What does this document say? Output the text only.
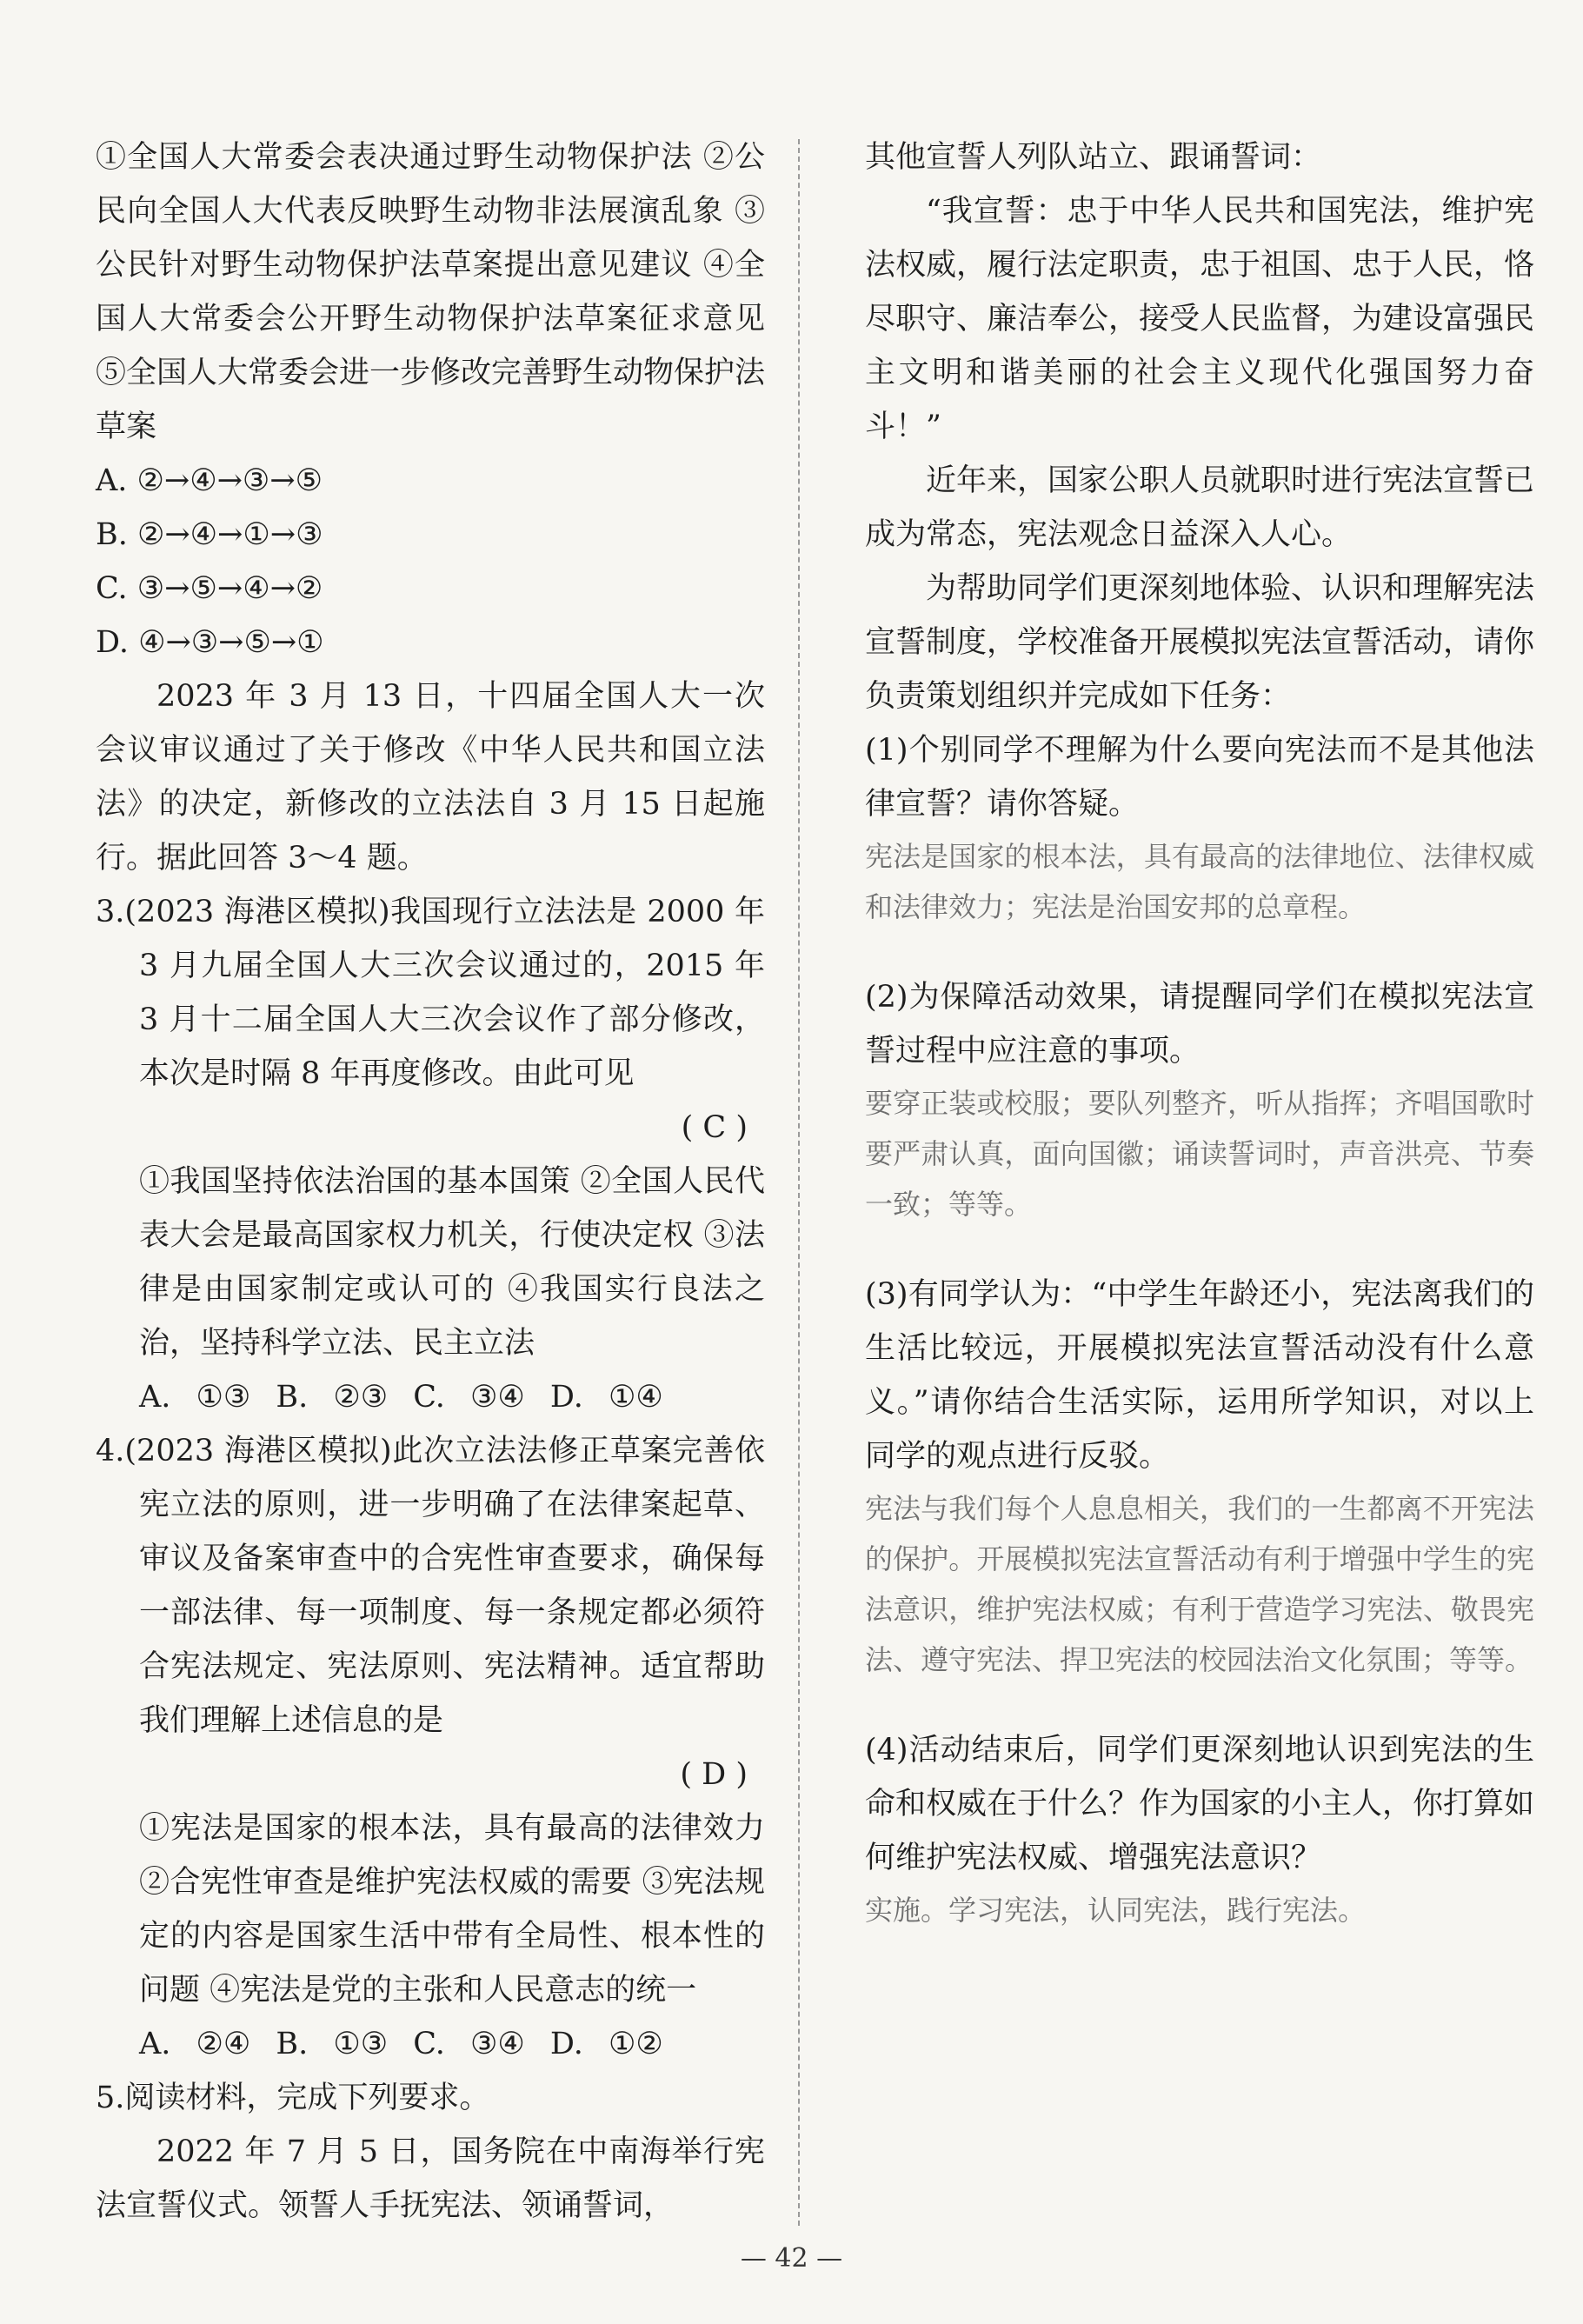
①全国人大常委会表决通过野生动物保护法 ②公民向全国人大代表反映野生动物非法展演乱象 ③公民针对野生动物保护法草案提出意见建议 ④全国人大常委会公开野生动物保护法草案征求意见 ⑤全国人大常委会进一步修改完善野生动物保护法草案

A. ②→④→③→⑤
B. ②→④→①→③
C. ③→⑤→④→②
D. ④→③→⑤→①

2023 年 3 月 13 日，十四届全国人大一次会议审议通过了关于修改《中华人民共和国立法法》的决定，新修改的立法法自 3 月 15 日起施行。据此回答 3～4 题。

3.(2023 海港区模拟)我国现行立法法是 2000 年 3 月九届全国人大三次会议通过的，2015 年 3 月十二届全国人大三次会议作了部分修改，本次是时隔 8 年再度修改。由此可见

( C )

①我国坚持依法治国的基本国策 ②全国人民代表大会是最高国家权力机关，行使决定权 ③法律是由国家制定或认可的 ④我国实行良法之治，坚持科学立法、民主立法

A. ①③ B. ②③ C. ③④ D. ①④

4.(2023 海港区模拟)此次立法法修正草案完善依宪立法的原则，进一步明确了在法律案起草、审议及备案审查中的合宪性审查要求，确保每一部法律、每一项制度、每一条规定都必须符合宪法规定、宪法原则、宪法精神。适宜帮助我们理解上述信息的是

( D )

①宪法是国家的根本法，具有最高的法律效力 ②合宪性审查是维护宪法权威的需要 ③宪法规定的内容是国家生活中带有全局性、根本性的问题 ④宪法是党的主张和人民意志的统一

A. ②④ B. ①③ C. ③④ D. ①②

5.阅读材料，完成下列要求。

2022 年 7 月 5 日，国务院在中南海举行宪法宣誓仪式。领誓人手抚宪法、领诵誓词，

其他宣誓人列队站立、跟诵誓词：

“我宣誓：忠于中华人民共和国宪法，维护宪法权威，履行法定职责，忠于祖国、忠于人民，恪尽职守、廉洁奉公，接受人民监督，为建设富强民主文明和谐美丽的社会主义现代化强国努力奋斗！”

近年来，国家公职人员就职时进行宪法宣誓已成为常态，宪法观念日益深入人心。

为帮助同学们更深刻地体验、认识和理解宪法宣誓制度，学校准备开展模拟宪法宣誓活动，请你负责策划组织并完成如下任务：

(1)个别同学不理解为什么要向宪法而不是其他法律宣誓？请你答疑。

宪法是国家的根本法，具有最高的法律地位、法律权威和法律效力；宪法是治国安邦的总章程。

(2)为保障活动效果，请提醒同学们在模拟宪法宣誓过程中应注意的事项。

要穿正装或校服；要队列整齐，听从指挥；齐唱国歌时要严肃认真，面向国徽；诵读誓词时，声音洪亮、节奏一致；等等。

(3)有同学认为：“中学生年龄还小，宪法离我们的生活比较远，开展模拟宪法宣誓活动没有什么意义。”请你结合生活实际，运用所学知识，对以上同学的观点进行反驳。

宪法与我们每个人息息相关，我们的一生都离不开宪法的保护。开展模拟宪法宣誓活动有利于增强中学生的宪法意识，维护宪法权威；有利于营造学习宪法、敬畏宪法、遵守宪法、捍卫宪法的校园法治文化氛围；等等。

(4)活动结束后，同学们更深刻地认识到宪法的生命和权威在于什么？作为国家的小主人，你打算如何维护宪法权威、增强宪法意识？

实施。学习宪法，认同宪法，践行宪法。

— 42 —
